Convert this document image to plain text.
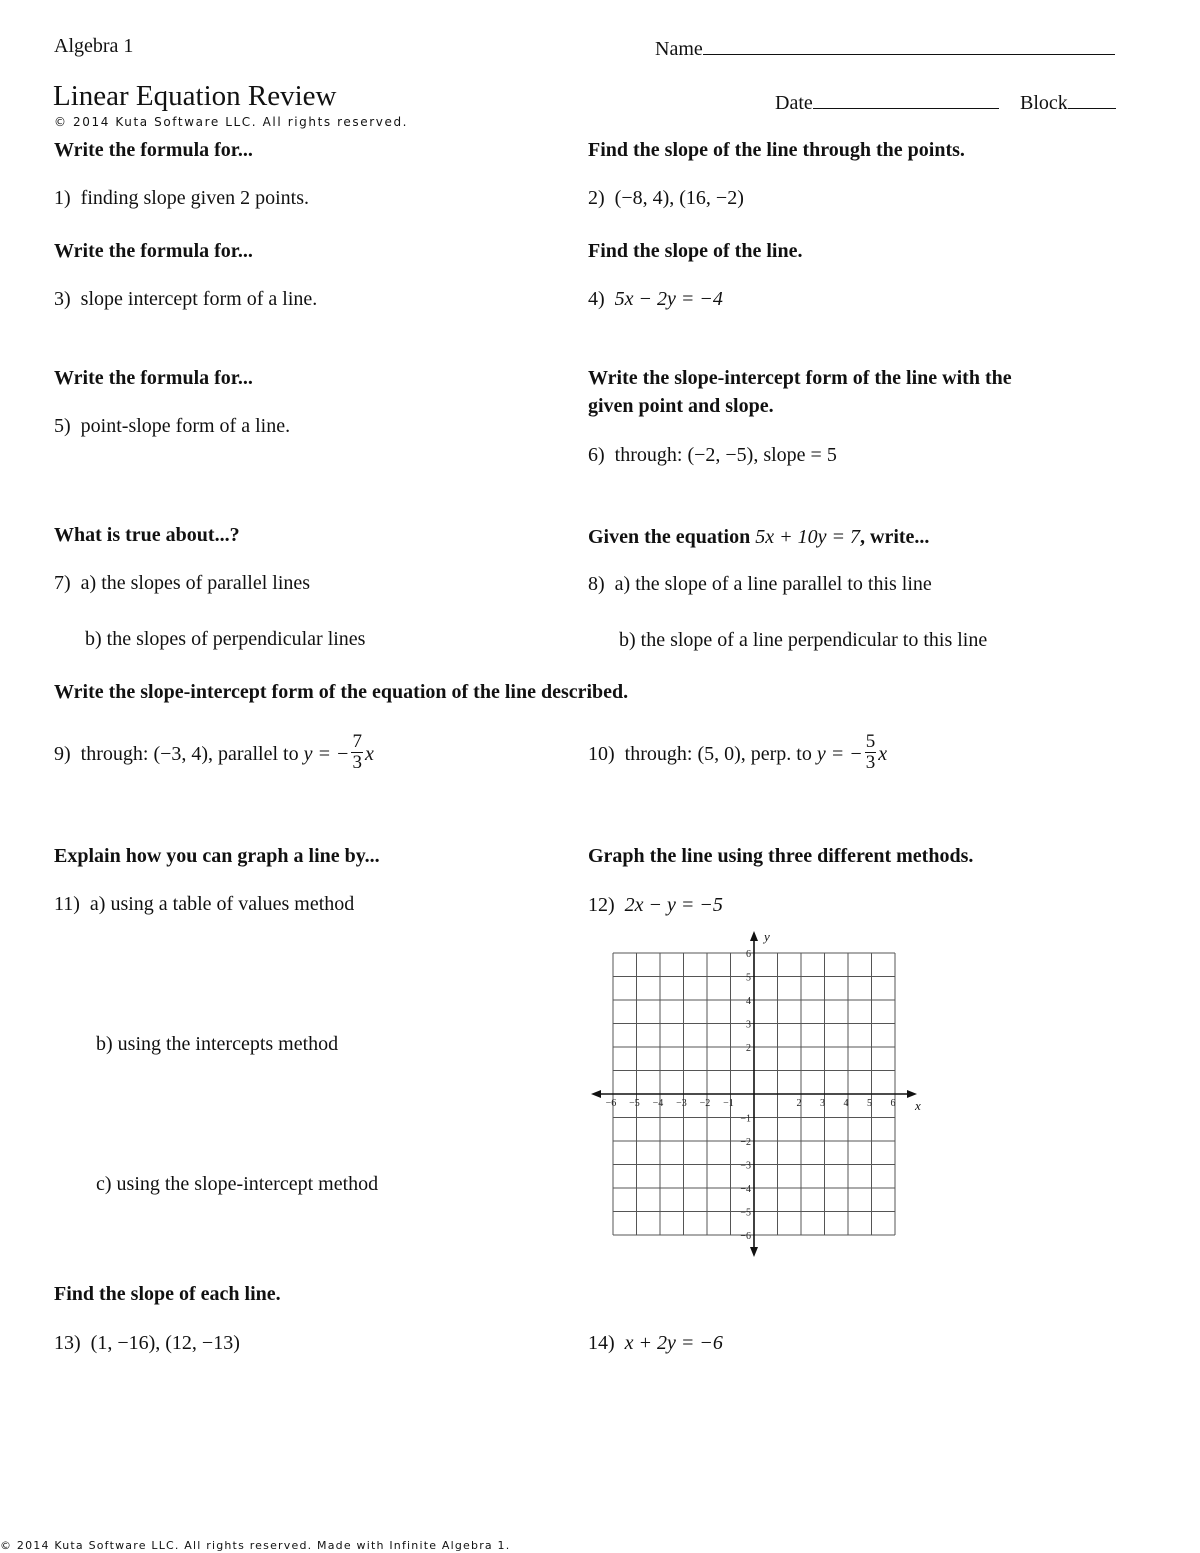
Algebra 1	Name
Linear Equation Review	Date	Block
© 2014 Kuta Software LLC. All rights reserved.
Write the formula for...	Find the slope of the line through the points.
1) finding slope given 2 points.	2) (−8, 4), (16, −2)
Write the formula for...	Find the slope of the line.
3) slope intercept form of a line.	4) 5x − 2y = −4
Write the formula for...	Write the slope-intercept form of the line with the
given point and slope.
5) point-slope form of a line.
6) through: (−2, −5), slope = 5
What is true about...?	Given the equation 5x + 10y = 7, write...
7) a) the slopes of parallel lines
b) the slopes of perpendicular lines
8) a) the slope of a line parallel to this line
b) the slope of a line perpendicular to this line
Write the slope-intercept form of the equation of the line described.
9) through: (−3, 4), parallel to y = − $\frac{7}{3}$ x	10) through: (5, 0), perp. to y = − $\frac{5}{3}$ x
Explain how you can graph a line by...	Graph the line using three different methods.
11) a) using a table of values method
b) using the intercepts method
c) using the slope-intercept method
12) 2x − y = −5
−6 −5 −4 −3 −2 −1	2 3 4 5 6
6
5
4
3
2
−1
−2
−3
−4
−5
−6
x
y
Find the slope of each line.
13) (1, −16), (12, −13)	14) x + 2y = −6
© 2014 Kuta Software LLC. All rights reserved. Made with Infinite Algebra 1.
